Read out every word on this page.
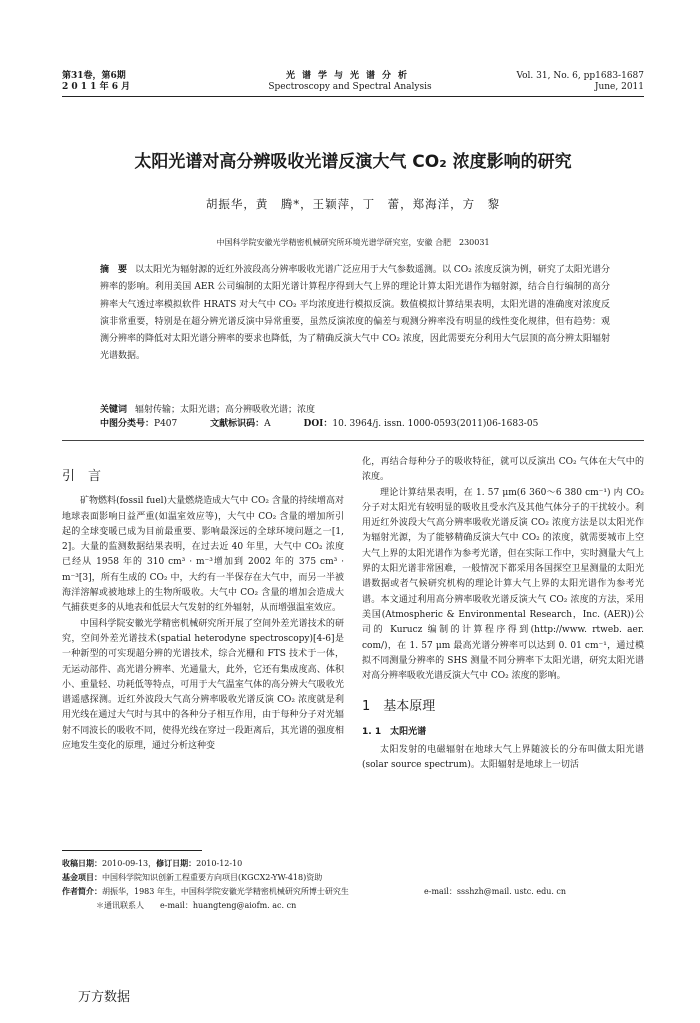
第31卷，第6期
2 0 1 1 年 6 月
光谱学与光谱分析
Spectroscopy and Spectral Analysis
Vol. 31, No. 6, pp1683-1687
June, 2011
太阳光谱对高分辨吸收光谱反演大气 CO₂ 浓度影响的研究
胡振华，黄　腾*，王颖萍，丁　蕾，郑海洋，方　黎
中国科学院安徽光学精密机械研究所环境光谱学研究室，安徽 合肥　230031
摘　要 以太阳光为辐射源的近红外波段高分辨率吸收光谱广泛应用于大气参数遥测。以 CO₂ 浓度反演为例，研究了太阳光谱分辨率的影响。利用美国 AER 公司编制的太阳光谱计算程序得到大气上界的理论计算太阳光谱作为辐射源，结合自行编制的高分辨率大气透过率模拟软件 HRATS 对大气中 CO₂ 平均浓度进行模拟反演。数值模拟计算结果表明，太阳光谱的准确度对浓度反演非常重要，特别是在超分辨光谱反演中异常重要，虽然反演浓度的偏差与观测分辨率没有明显的线性变化规律，但有趋势：观测分辨率的降低对太阳光谱分辨率的要求也降低，为了精确反演大气中 CO₂ 浓度，因此需要充分利用大气层顶的高分辨太阳辐射光谱数据。
关键词 辐射传输；太阳光谱；高分辨吸收光谱；浓度
中图分类号：P407	文献标识码：A	DOI：10. 3964/j. issn. 1000-0593(2011)06-1683-05
引　言

矿物燃料(fossil fuel)大量燃烧造成大气中 CO₂ 含量的持续增高对地球表面影响日益严重(如温室效应等)，大气中 CO₂ 含量的增加所引起的全球变暖已成为目前最重要、影响最深远的全球环境问题之一[1, 2]。大量的监测数据结果表明，在过去近 40 年里，大气中 CO₂ 浓度已经从 1958 年的 310 cm³ · m⁻³增加到 2002 年的 375 cm³ · m⁻³[3]，所有生成的 CO₂ 中，大约有一半保存在大气中，而另一半被海洋溶解或被地球上的生物所吸收。大气中 CO₂ 含量的增加会造成大气捕获更多的从地表和低层大气发射的红外辐射，从而增强温室效应。

中国科学院安徽光学精密机械研究所开展了空间外差光谱技术的研究，空间外差光谱技术(spatial heterodyne spectroscopy)[4-6]是一种新型的可实现超分辨的光谱技术，综合光栅和 FTS 技术于一体，无运动部件、高光谱分辨率、光通量大，此外，它还有集成度高、体积小、重量轻、功耗低等特点，可用于大气温室气体的高分辨大气吸收光谱遥感探测。近红外波段大气高分辨率吸收光谱反演 CO₂ 浓度就是利用光线在通过大气时与其中的各种分子相互作用，由于每种分子对光辐射不同波长的吸收不同，使得光线在穿过一段距离后，其光谱的强度相应地发生变化的原理，通过分析这种变

化，再结合每种分子的吸收特征，就可以反演出 CO₂ 气体在大气中的浓度。

理论计算结果表明，在 1. 57 μm(6 360～6 380 cm⁻¹) 内 CO₂ 分子对太阳光有较明显的吸收且受水汽及其他气体分子的干扰较小。利用近红外波段大气高分辨率吸收光谱反演 CO₂ 浓度方法是以太阳光作为辐射光源，为了能够精确反演大气中 CO₂ 的浓度，就需要城市上空大气上界的太阳光谱作为参考光谱，但在实际工作中，实时测量大气上界的太阳光谱非常困难，一般情况下都采用各国探空卫星测量的太阳光谱数据或者气候研究机构的理论计算大气上界的太阳光谱作为参考光谱。本文通过利用高分辨率吸收光谱反演大气 CO₂ 浓度的方法，采用美国(Atmospheric & Environmental Research，Inc. (AER))公司的 Kurucz 编制的计算程序得到(http://www. rtweb. aer. com/)，在 1. 57 μm 最高光谱分辨率可以达到 0. 01 cm⁻¹，通过模拟不同测量分辨率的 SHS 测量不同分辨率下太阳光谱，研究太阳光谱对高分辨率吸收光谱反演大气中 CO₂ 浓度的影响。

1　基本原理
1. 1　太阳光谱

太阳发射的电磁辐射在地球大气上界随波长的分布叫做太阳光谱(solar source spectrum)。太阳辐射是地球上一切活

收稿日期：2010-09-13，修订日期：2010-12-10
基金项目：中国科学院知识创新工程重要方向项目(KGCX2-YW-418)资助
作者简介：胡振华，1983 年生，中国科学院安徽光学精密机械研究所博士研究生	e-mail：ssshzh@mail. ustc. edu. cn
＊通讯联系人　　 e-mail：huangteng@aiofm. ac. cn
万方数据
